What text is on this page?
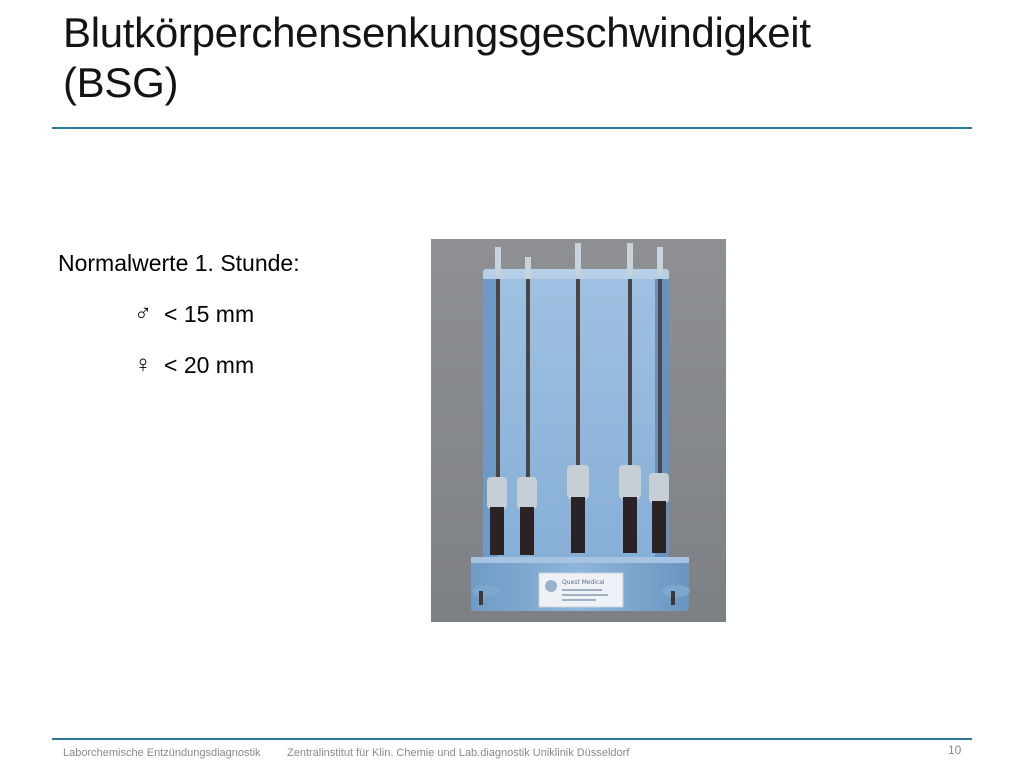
Blutkörperchensenkungsgeschwindigkeit
(BSG)
Normalwerte 1. Stunde:
♂ < 15 mm
♀ < 20 mm
Quest Medical
Laborchemische Entzündungsdiagnostik Zentralinstitut für Klin. Chemie und Lab.diagnostik Uniklinik Düsseldorf	10
